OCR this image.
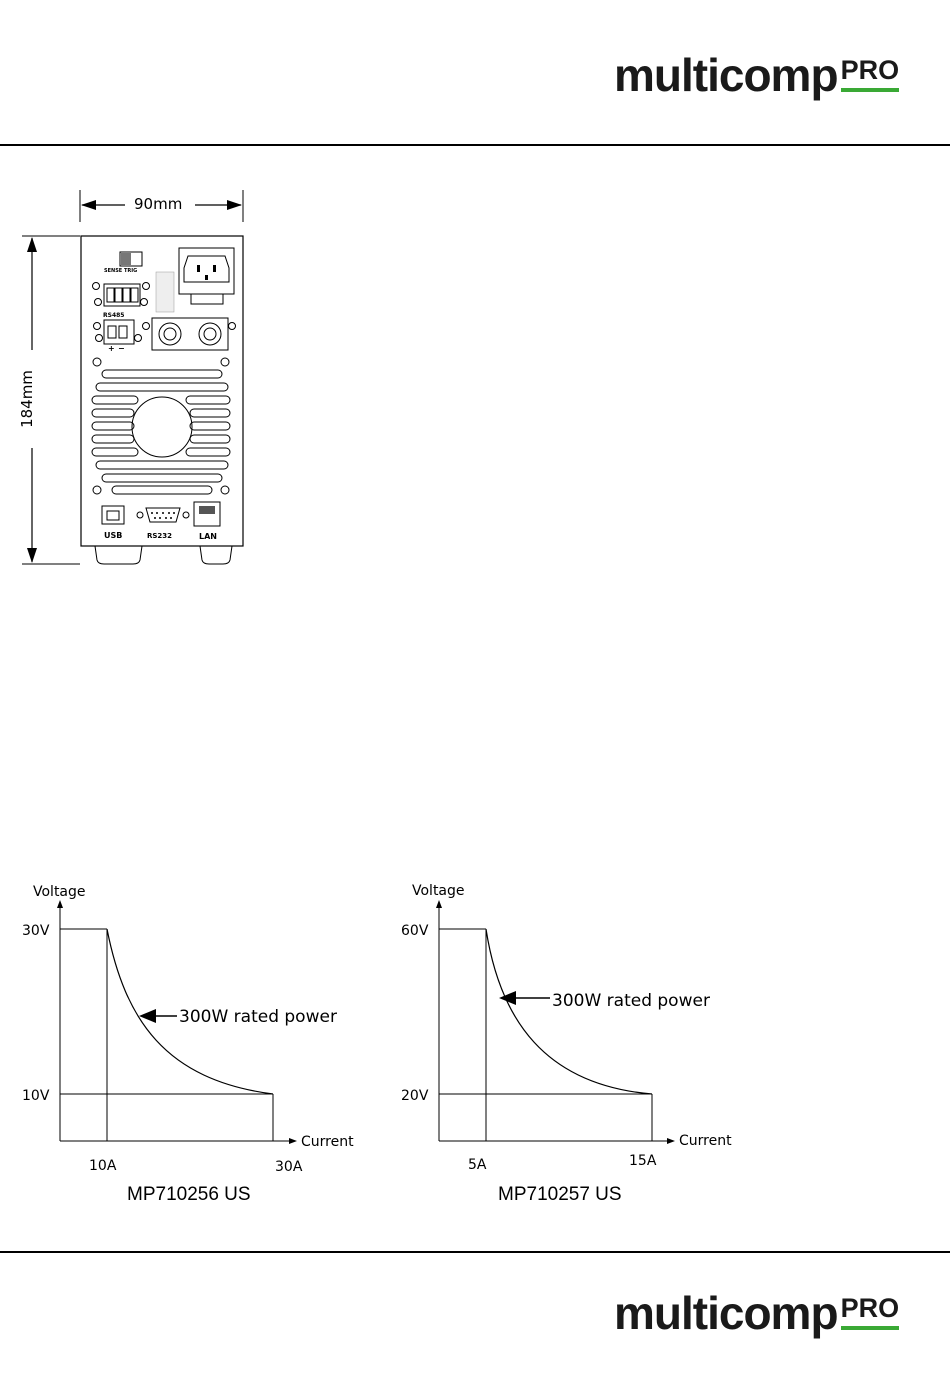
multicomp PRO
90mm
184mm
SENSE TRIG
RS485
+ −
USB	RS232	LAN
Voltage
Current
300W rated power
30V
10V
10A	30A
MP710256 US
Voltage
Current
300W rated power
60V
20V
5A	15A
MP710257 US
multicomp PRO
